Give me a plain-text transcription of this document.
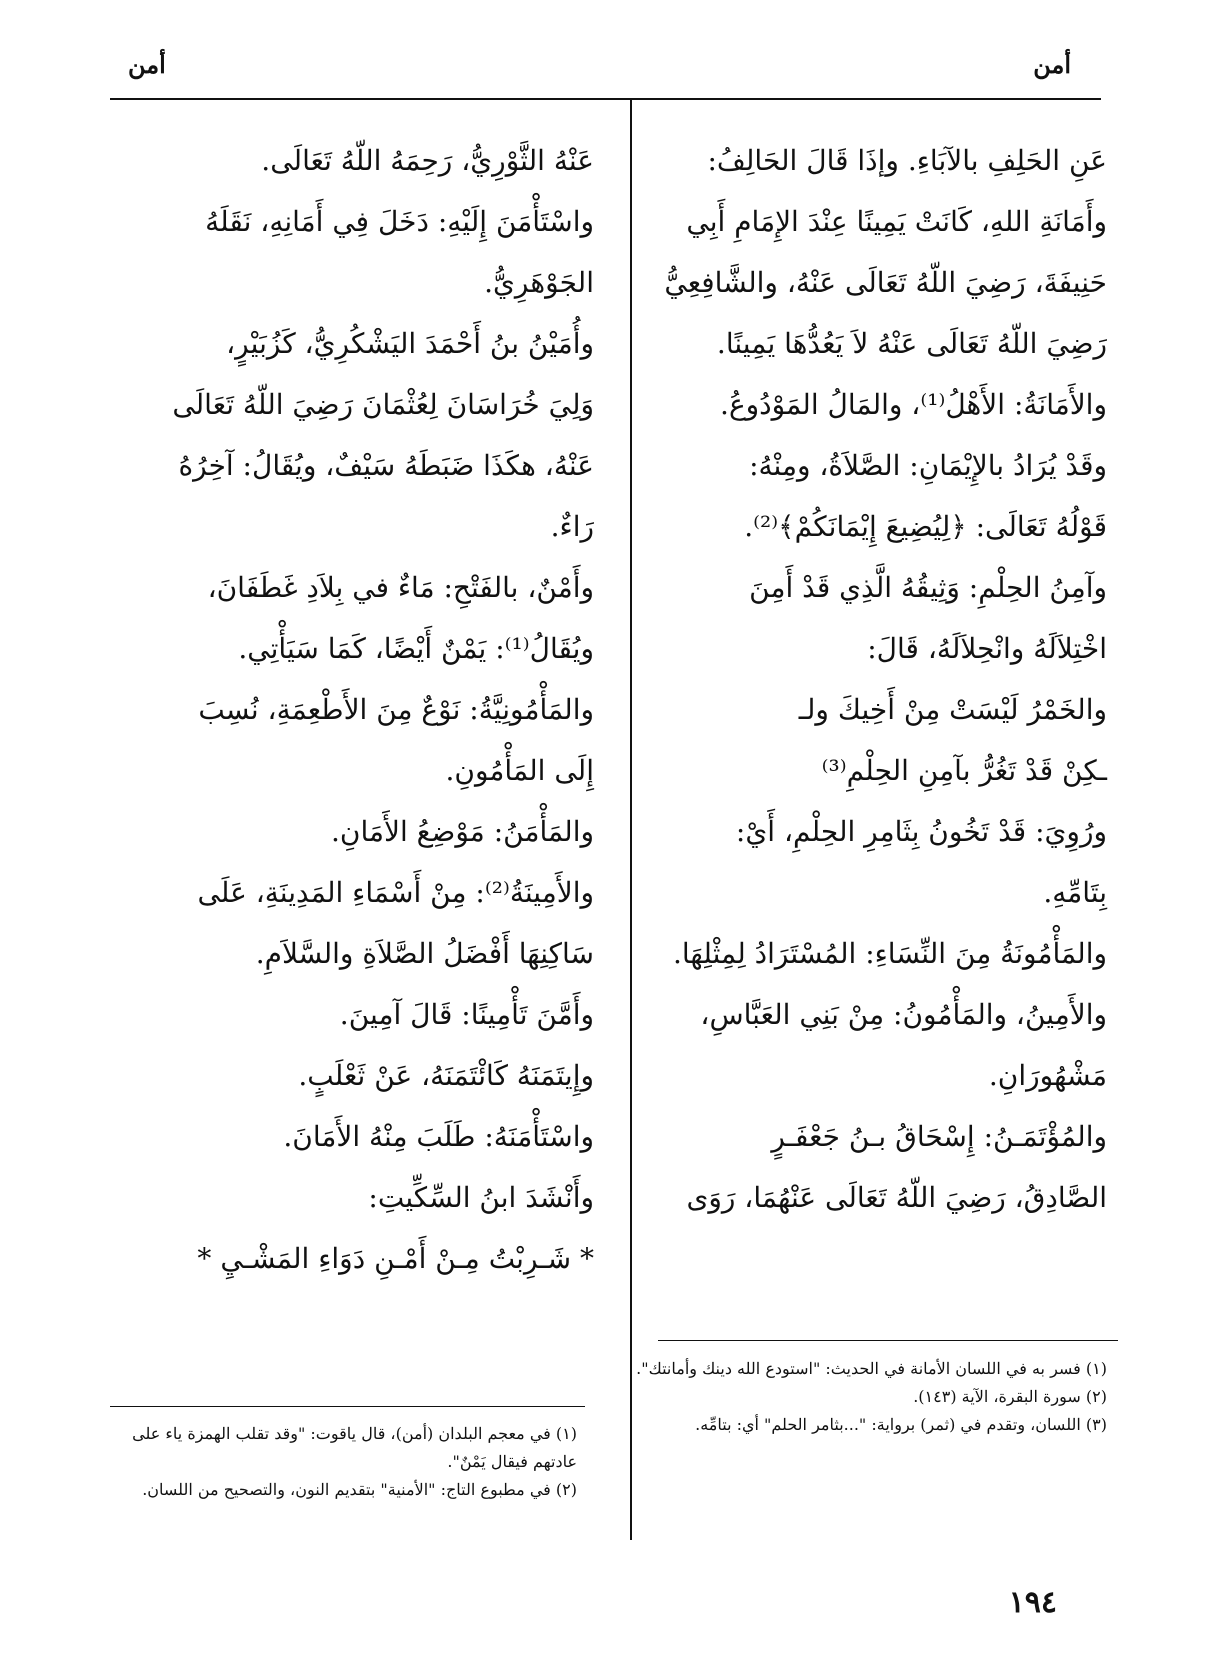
أمن
أمن

عَنِ الحَلِفِ بالآبَاءِ. وإذَا قَالَ الحَالِفُ:

وأَمَانَةِ اللهِ، كَانَتْ يَمِينًا عِنْدَ الإِمَامِ أَبِي

حَنِيفَةَ، رَضِيَ اللّهُ تَعَالَى عَنْهُ، والشَّافِعِيُّ

رَضِيَ اللّهُ تَعَالَى عَنْهُ لاَ يَعُدُّهَا يَمِينًا.

والأَمَانَةُ: الأَهْلُ⁽¹⁾، والمَالُ المَوْدُوعُ.

وقَدْ يُرَادُ بالإِيْمَانِ: الصَّلاَةُ، ومِنْهُ:

قَوْلُهُ تَعَالَى: ﴿لِيُضِيعَ إِيْمَانَكُمْ﴾⁽²⁾.

وآمِنُ الحِلْمِ: وَثِيقُهُ الَّذِي قَدْ أَمِنَ

اخْتِلاَلَهُ وانْحِلاَلَهُ، قَالَ:

والخَمْرُ لَيْسَتْ مِنْ أَخِيكَ ولـ

ـكِنْ قَدْ تَغُرُّ بآمِنِ الحِلْمِ⁽³⁾

ورُوِيَ: قَدْ تَخُونُ بِثَامِرِ الحِلْمِ، أَيْ:

بِتَامِّهِ.

والمَأْمُونَةُ مِنَ النِّسَاءِ: المُسْتَرَادُ لِمِثْلِهَا.

والأَمِينُ، والمَأْمُونُ: مِنْ بَنِي العَبَّاسِ،

مَشْهُورَانِ.

والمُؤْتَمَـنُ: إِسْحَاقُ بـنُ جَعْفَـرٍ

الصَّادِقُ، رَضِيَ اللّهُ تَعَالَى عَنْهُمَا، رَوَى

عَنْهُ الثَّوْرِيُّ، رَحِمَهُ اللّهُ تَعَالَى.

واسْتَأْمَنَ إِلَيْهِ: دَخَلَ فِي أَمَانِهِ، نَقَلَهُ

الجَوْهَرِيُّ.

وأُمَيْنُ بنُ أَحْمَدَ اليَشْكُرِيُّ، كَزُبَيْرٍ،

وَلِيَ خُرَاسَانَ لِعُثْمَانَ رَضِيَ اللّهُ تَعَالَى

عَنْهُ، هكَذَا ضَبَطَهُ سَيْفٌ، ويُقَالُ: آخِرُهُ

رَاءٌ.

وأَمْنٌ، بالفَتْحِ: مَاءٌ في بِلاَدِ غَطَفَانَ،

ويُقَالُ⁽¹⁾: يَمْنٌ أَيْضًا، كَمَا سَيَأْتِي.

والمَأْمُونِيَّةُ: نَوْعٌ مِنَ الأَطْعِمَةِ، نُسِبَ

إِلَى المَأْمُونِ.

والمَأْمَنُ: مَوْضِعُ الأَمَانِ.

والأَمِينَةُ⁽²⁾: مِنْ أَسْمَاءِ المَدِينَةِ، عَلَى

سَاكِنِهَا أَفْضَلُ الصَّلاَةِ والسَّلاَمِ.

وأَمَّنَ تَأْمِينًا: قَالَ آمِينَ.

وإِيتَمَنَهُ كَائْتَمَنَهُ، عَنْ ثَعْلَبٍ.

واسْتَأْمَنَهُ: طَلَبَ مِنْهُ الأَمَانَ.

وأَنْشَدَ ابنُ السِّكِّيتِ:

* شَـرِبْتُ مِـنْ أَمْـنِ دَوَاءِ المَشْـيِ *

(١) فسر به في اللسان الأمانة في الحديث: "استودع الله دينك وأمانتك".

(٢) سورة البقرة، الآية (١٤٣).

(٣) اللسان، وتقدم في (ثمر) برواية: "...بثامر الحلم" أي: بتامِّه.

(١) في معجم البلدان (أمن)، قال ياقوت: "وقد تقلب الهمزة ياء على عادتهم فيقال يَمْنٌ".

(٢) في مطبوع التاج: "الأمنية" بتقديم النون، والتصحيح من اللسان.

١٩٤
